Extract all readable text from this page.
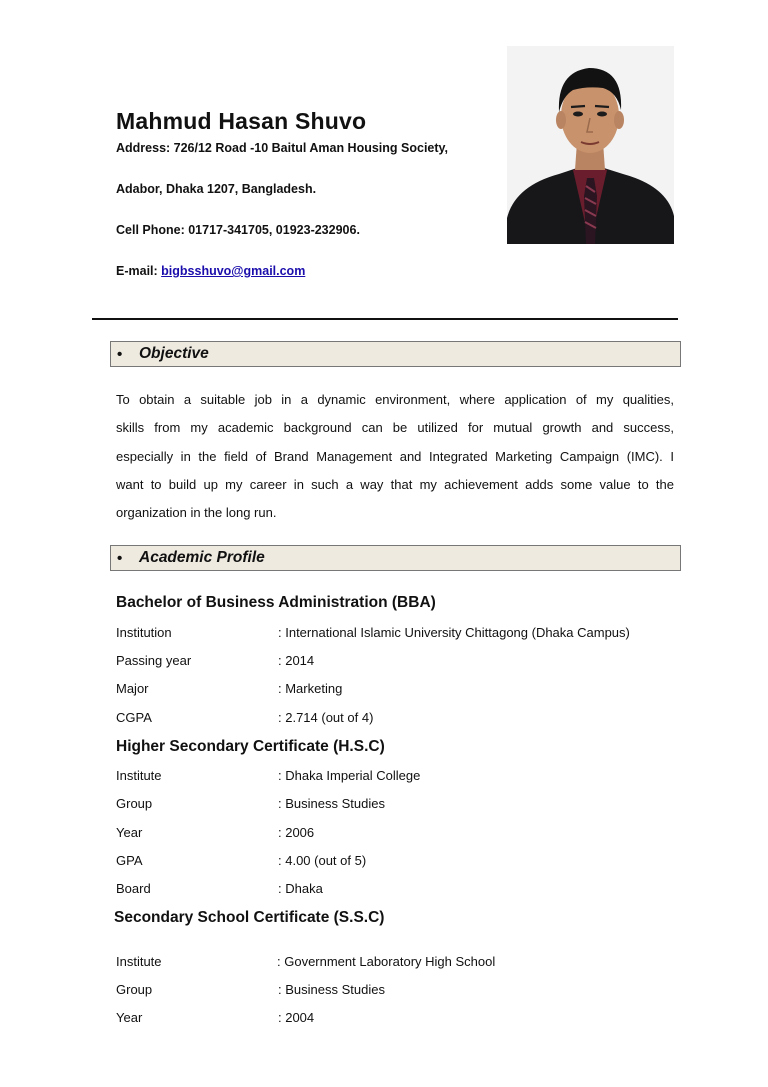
Mahmud Hasan Shuvo
Address: 726/12 Road -10 Baitul Aman Housing Society,
Adabor, Dhaka 1207, Bangladesh.
Cell Phone: 01717-341705, 01923-232906.
E-mail: bigbsshuvo@gmail.com
•	Objective
To obtain a suitable job in a dynamic environment, where application of my qualities,
skills from my academic background can be utilized for mutual growth and success,
especially in the field of Brand Management and Integrated Marketing Campaign (IMC). I
want to build up my career in such a way that my achievement adds some value to the
organization in the long run.
•	Academic Profile
Bachelor of Business Administration (BBA)
Institution	: International Islamic University Chittagong (Dhaka Campus)
Passing year	: 2014
Major	: Marketing
CGPA	: 2.714 (out of 4)
Higher Secondary Certificate (H.S.C)
Institute	: Dhaka Imperial College
Group	: Business Studies
Year	: 2006
GPA	: 4.00 (out of 5)
Board	: Dhaka
Secondary School Certificate (S.S.C)
Institute	: Government Laboratory High School
Group	: Business Studies
Year	: 2004
